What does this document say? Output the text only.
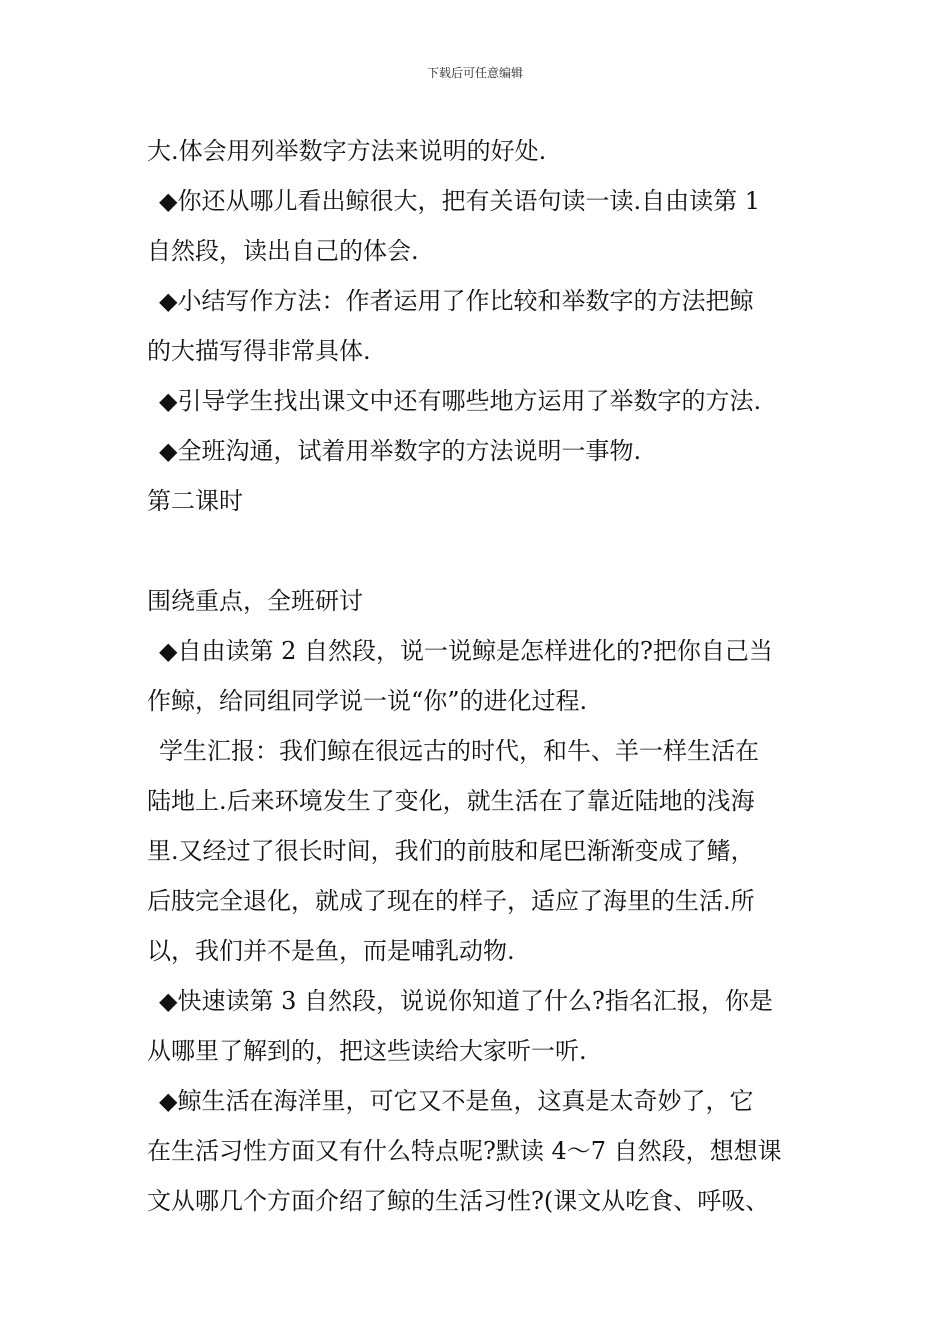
下载后可任意编辑
大.体会用列举数字方法来说明的好处.
◆你还从哪儿看出鲸很大，把有关语句读一读.自由读第 1
自然段，读出自己的体会.
◆小结写作方法：作者运用了作比较和举数字的方法把鲸
的大描写得非常具体.
◆引导学生找出课文中还有哪些地方运用了举数字的方法.
◆全班沟通，试着用举数字的方法说明一事物.
第二课时
围绕重点，全班研讨
◆自由读第 2 自然段，说一说鲸是怎样进化的?把你自己当
作鲸，给同组同学说一说“你”的进化过程.
学生汇报：我们鲸在很远古的时代，和牛、羊一样生活在
陆地上.后来环境发生了变化，就生活在了靠近陆地的浅海
里.又经过了很长时间，我们的前肢和尾巴渐渐变成了鳍，
后肢完全退化，就成了现在的样子，适应了海里的生活.所
以，我们并不是鱼，而是哺乳动物.
◆快速读第 3 自然段，说说你知道了什么?指名汇报，你是
从哪里了解到的，把这些读给大家听一听.
◆鲸生活在海洋里，可它又不是鱼，这真是太奇妙了，它
在生活习性方面又有什么特点呢?默读 4～7 自然段，想想课
文从哪几个方面介绍了鲸的生活习性?(课文从吃食、呼吸、
